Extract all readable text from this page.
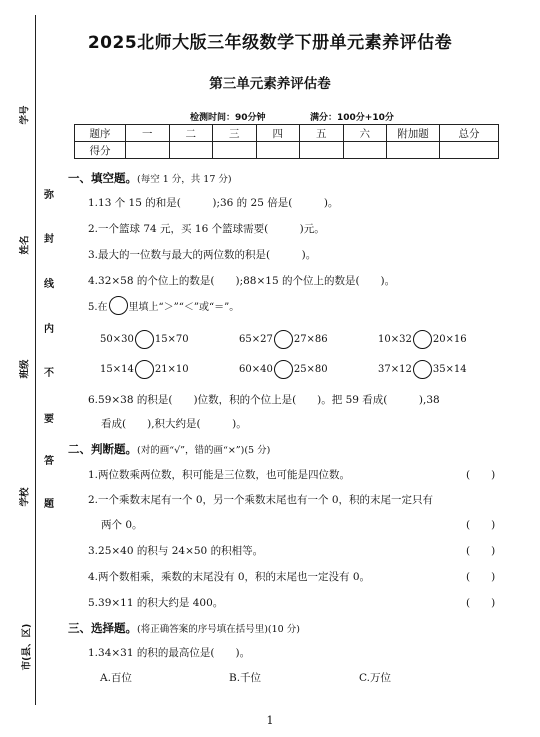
学号
姓名
班级
学校
市(县、区)
弥
封
线
内
不
要
答
题
2025北师大版三年级数学下册单元素养评估卷
第三单元素养评估卷
检测时间：90分钟	满分：100分+10分
题序	一	二	三	四	五	六	附加题	总分
得分								
一、填空题。(每空 1 分，共 17 分)
1.13 个 15 的和是(　　　);36 的 25 倍是(　　　)。
2.一个篮球 74 元，买 16 个篮球需要(　　　)元。
3.最大的一位数与最大的两位数的积是(　　　)。
4.32×58 的个位上的数是(　　);88×15 的个位上的数是(　　)。
5.在 里填上“＞”“＜”或“＝”。
50×30 15×70	65×27 27×86	10×32 20×16
15×14 21×10	60×40 25×80	37×12 35×14
6.59×38 的积是(　　)位数，积的个位上是(　　)。把 59 看成(　　　),38
看成(　　),积大约是(　　　)。
二、判断题。(对的画“√”，错的画“×”)(5 分)
1.两位数乘两位数，积可能是三位数，也可能是四位数。	(　　)
2.一个乘数末尾有一个 0，另一个乘数末尾也有一个 0，积的末尾一定只有
两个 0。	(　　)
3.25×40 的积与 24×50 的积相等。	(　　)
4.两个数相乘，乘数的末尾没有 0，积的末尾也一定没有 0。	(　　)
5.39×11 的积大约是 400。	(　　)
三、选择题。(将正确答案的序号填在括号里)(10 分)
1.34×31 的积的最高位是(　　)。
A.百位	B.千位	C.万位
1
